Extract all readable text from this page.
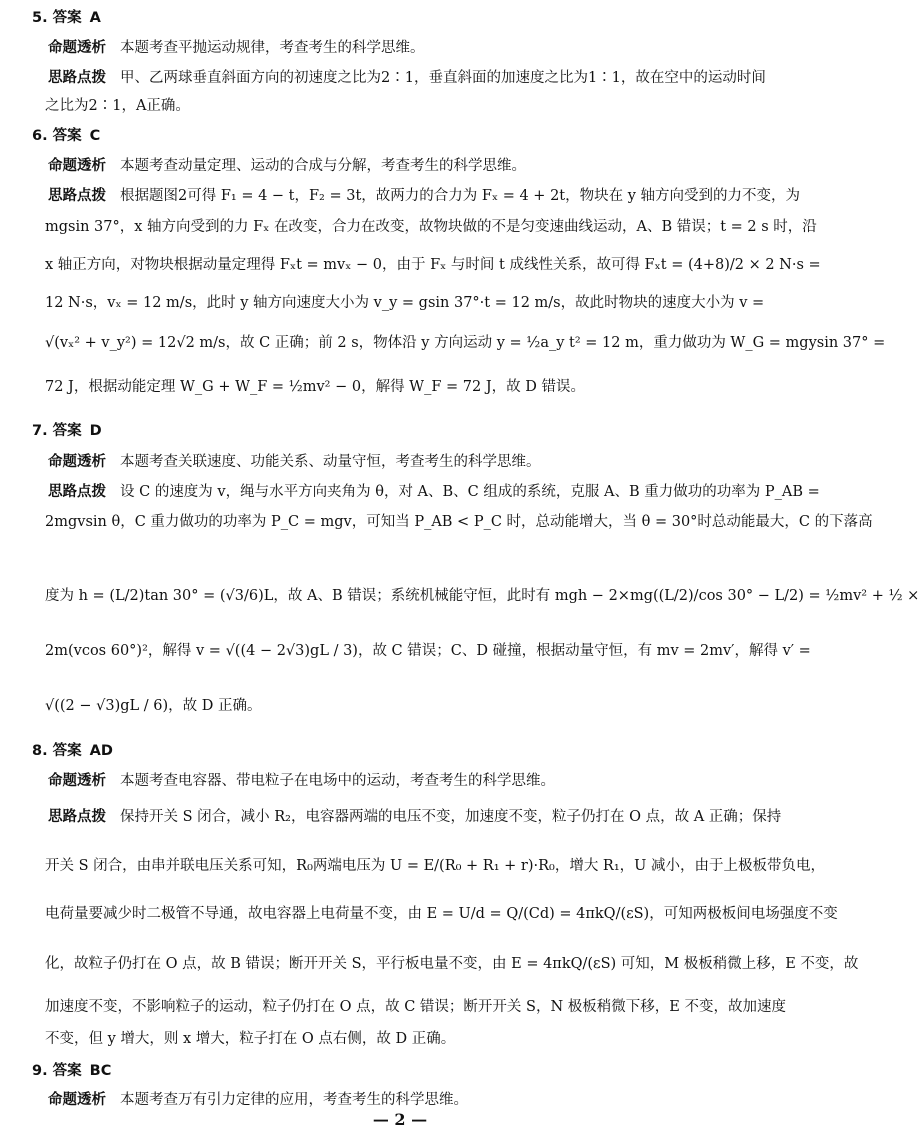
5. 答案 A
命题透析 本题考查平抛运动规律，考查考生的科学思维。
思路点拨 甲、乙两球垂直斜面方向的初速度之比为2∶1，垂直斜面的加速度之比为1∶1，故在空中的运动时间
之比为2∶1，A正确。
6. 答案 C
命题透析 本题考查动量定理、运动的合成与分解，考查考生的科学思维。
思路点拨 根据题图2可得 F₁ = 4 − t，F₂ = 3t，故两力的合力为 Fₓ = 4 + 2t，物块在 y 轴方向受到的力不变，为
mgsin 37°，x 轴方向受到的力 Fₓ 在改变，合力在改变，故物块做的不是匀变速曲线运动，A、B 错误；t = 2 s 时，沿
x 轴正方向，对物块根据动量定理得 Fₓt = mvₓ − 0，由于 Fₓ 与时间 t 成线性关系，故可得 Fₓt = (4+8)/2 × 2 N·s =
12 N·s，vₓ = 12 m/s，此时 y 轴方向速度大小为 v_y = gsin 37°·t = 12 m/s，故此时物块的速度大小为 v =
√(vₓ² + v_y²) = 12√2 m/s，故 C 正确；前 2 s，物体沿 y 方向运动 y = ½a_y t² = 12 m，重力做功为 W_G = mgysin 37° =
72 J，根据动能定理 W_G + W_F = ½mv² − 0，解得 W_F = 72 J，故 D 错误。
7. 答案 D
命题透析 本题考查关联速度、功能关系、动量守恒，考查考生的科学思维。
思路点拨 设 C 的速度为 v，绳与水平方向夹角为 θ，对 A、B、C 组成的系统，克服 A、B 重力做功的功率为 P_AB =
2mgvsin θ，C 重力做功的功率为 P_C = mgv，可知当 P_AB < P_C 时，总动能增大，当 θ = 30°时总动能最大，C 的下落高
度为 h = (L/2)tan 30° = (√3/6)L，故 A、B 错误；系统机械能守恒，此时有 mgh − 2×mg((L/2)/cos 30° − L/2) = ½mv² + ½ ×
2m(vcos 60°)²，解得 v = √((4 − 2√3)gL / 3)，故 C 错误；C、D 碰撞，根据动量守恒，有 mv = 2mv′，解得 v′ =
√((2 − √3)gL / 6)，故 D 正确。
8. 答案 AD
命题透析 本题考查电容器、带电粒子在电场中的运动，考查考生的科学思维。
思路点拨 保持开关 S 闭合，减小 R₂，电容器两端的电压不变，加速度不变，粒子仍打在 O 点，故 A 正确；保持
开关 S 闭合，由串并联电压关系可知，R₀两端电压为 U = E/(R₀ + R₁ + r)·R₀，增大 R₁，U 减小，由于上极板带负电，
电荷量要减少时二极管不导通，故电容器上电荷量不变，由 E = U/d = Q/(Cd) = 4πkQ/(εS)，可知两极板间电场强度不变
化，故粒子仍打在 O 点，故 B 错误；断开开关 S，平行板电量不变，由 E = 4πkQ/(εS) 可知，M 极板稍微上移，E 不变，故
加速度不变，不影响粒子的运动，粒子仍打在 O 点，故 C 错误；断开开关 S，N 极板稍微下移，E 不变，故加速度
不变，但 y 增大，则 x 增大，粒子打在 O 点右侧，故 D 正确。
9. 答案 BC
命题透析 本题考查万有引力定律的应用，考查考生的科学思维。
— 2 —
